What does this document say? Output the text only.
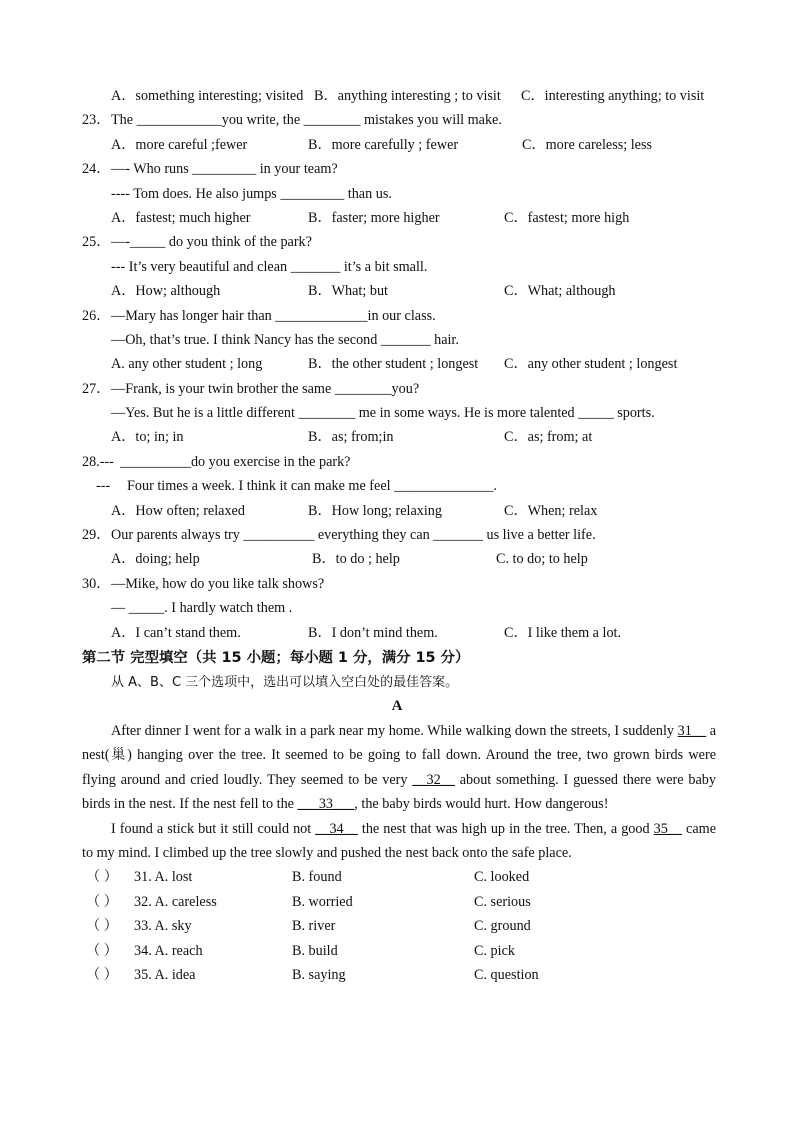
A．something interesting; visited B．anything interesting ; to visit C．interesting anything; to visit
23． The ____________you write, the ________ mistakes you will make.
A．more careful ;fewer	B．more carefully ; fewer	C．more careless; less
24． —- Who runs _________ in your team?
---- Tom does. He also jumps _________ than us.
A．fastest; much higher	B．faster; more higher	C．fastest; more high
25． —-_____ do you think of the park?
--- It’s very beautiful and clean _______ it’s a bit small.
A．How; although	B．What; but	C．What; although
26． —Mary has longer hair than _____________in our class.
—Oh, that’s true. I think Nancy has the second _______ hair.
A. any other student ; long	B．the other student ; longest C．any other student ; longest
27． —Frank, is your twin brother the same ________you?
—Yes. But he is a little different ________ me in some ways. He is more talented _____ sports.
A．to; in; in	B．as; from;in	C．as; from; at
28.--- __________do you exercise in the park?
--- Four times a week. I think it can make me feel ______________.
A．How often; relaxed	B．How long; relaxing	C．When; relax
29． Our parents always try __________ everything they can _______ us live a better life.
A．doing; help	B．to do ; help	C. to do; to help
30． —Mike, how do you like talk shows?
— _____. I hardly watch them .
A．I can’t stand them.	B．I don’t mind them.	C．I like them a lot.
第二节 完型填空（共 15 小题；每小题 1 分，满分 15 分）
从 A、B、C 三个选项中，选出可以填入空白处的最佳答案。
A
After dinner I went for a walk in a park near my home. While walking down the streets, I suddenly 31__ a nest(巢) hanging over the tree. It seemed to be going to fall down. Around the tree, two grown birds were flying around and cried loudly. They seemed to be very __32__ about something. I guessed there were baby birds in the nest. If the nest fell to the ___33___, the baby birds would hurt. How dangerous!
I found a stick but it still could not __34__ the nest that was high up in the tree. Then, a good 35__ came to my mind. I climbed up the tree slowly and pushed the nest back onto the safe place.
（ ） 31. A. lost	B. found	C. looked
（ ） 32. A. careless	B. worried	C. serious
（ ） 33. A. sky	B. river	C. ground
（ ） 34. A. reach	B. build	C. pick
（ ） 35. A. idea	B. saying	C. question
